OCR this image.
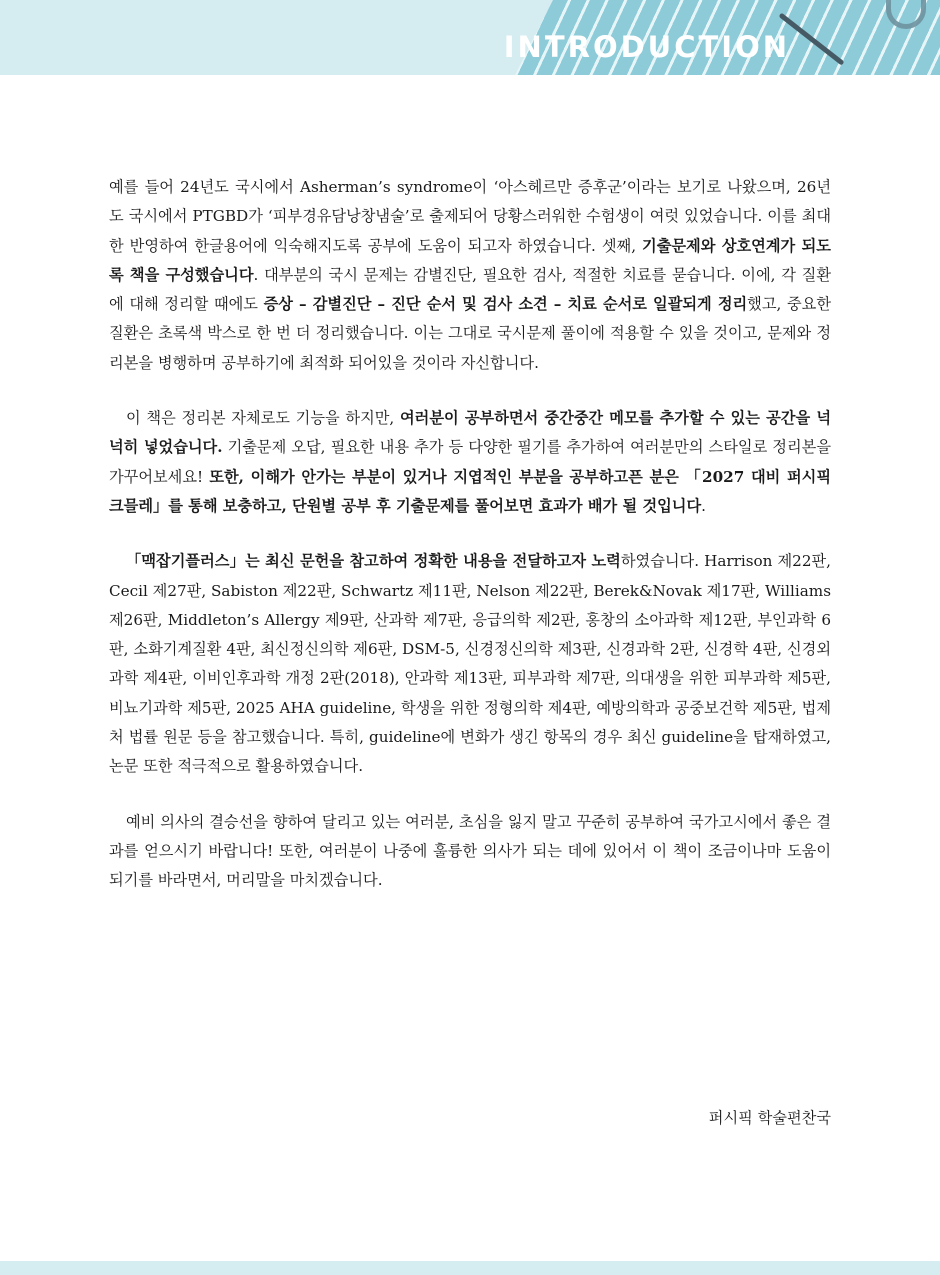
INTRODUCTION

예를 들어 24년도 국시에서 Asherman’s syndrome이 ‘아스헤르만 증후군’이라는 보기로 나왔으며, 26년도 국시에서 PTGBD가 ‘피부경유담낭창냄술’로 출제되어 당황스러워한 수험생이 여럿 있었습니다. 이를 최대한 반영하여 한글용어에 익숙해지도록 공부에 도움이 되고자 하였습니다. 셋째, 기출문제와 상호연계가 되도록 책을 구성했습니다. 대부분의 국시 문제는 감별진단, 필요한 검사, 적절한 치료를 묻습니다. 이에, 각 질환에 대해 정리할 때에도 증상 – 감별진단 – 진단 순서 및 검사 소견 – 치료 순서로 일괄되게 정리했고, 중요한 질환은 초록색 박스로 한 번 더 정리했습니다. 이는 그대로 국시문제 풀이에 적용할 수 있을 것이고, 문제와 정리본을 병행하며 공부하기에 최적화 되어있을 것이라 자신합니다.

이 책은 정리본 자체로도 기능을 하지만, 여러분이 공부하면서 중간중간 메모를 추가할 수 있는 공간을 넉넉히 넣었습니다. 기출문제 오답, 필요한 내용 추가 등 다양한 필기를 추가하여 여러분만의 스타일로 정리본을 가꾸어보세요! 또한, 이해가 안가는 부분이 있거나 지엽적인 부분을 공부하고픈 분은 「2027 대비 퍼시픽 크믈레」를 통해 보충하고, 단원별 공부 후 기출문제를 풀어보면 효과가 배가 될 것입니다.

「맥잡기플러스」는 최신 문헌을 참고하여 정확한 내용을 전달하고자 노력하였습니다. Harrison 제22판, Cecil 제27판, Sabiston 제22판, Schwartz 제11판, Nelson 제22판, Berek&Novak 제17판, Williams 제26판, Middleton’s Allergy 제9판, 산과학 제7판, 응급의학 제2판, 홍창의 소아과학 제12판, 부인과학 6판, 소화기계질환 4판, 최신정신의학 제6판, DSM-5, 신경정신의학 제3판, 신경과학 2판, 신경학 4판, 신경외과학 제4판, 이비인후과학 개정 2판(2018), 안과학 제13판, 피부과학 제7판, 의대생을 위한 피부과학 제5판, 비뇨기과학 제5판, 2025 AHA guideline, 학생을 위한 정형의학 제4판, 예방의학과 공중보건학 제5판, 법제처 법률 원문 등을 참고했습니다. 특히, guideline에 변화가 생긴 항목의 경우 최신 guideline을 탑재하였고, 논문 또한 적극적으로 활용하였습니다.

예비 의사의 결승선을 향하여 달리고 있는 여러분, 초심을 잃지 말고 꾸준히 공부하여 국가고시에서 좋은 결과를 얻으시기 바랍니다! 또한, 여러분이 나중에 훌륭한 의사가 되는 데에 있어서 이 책이 조금이나마 도움이 되기를 바라면서, 머리말을 마치겠습니다.

퍼시픽 학술편찬국
